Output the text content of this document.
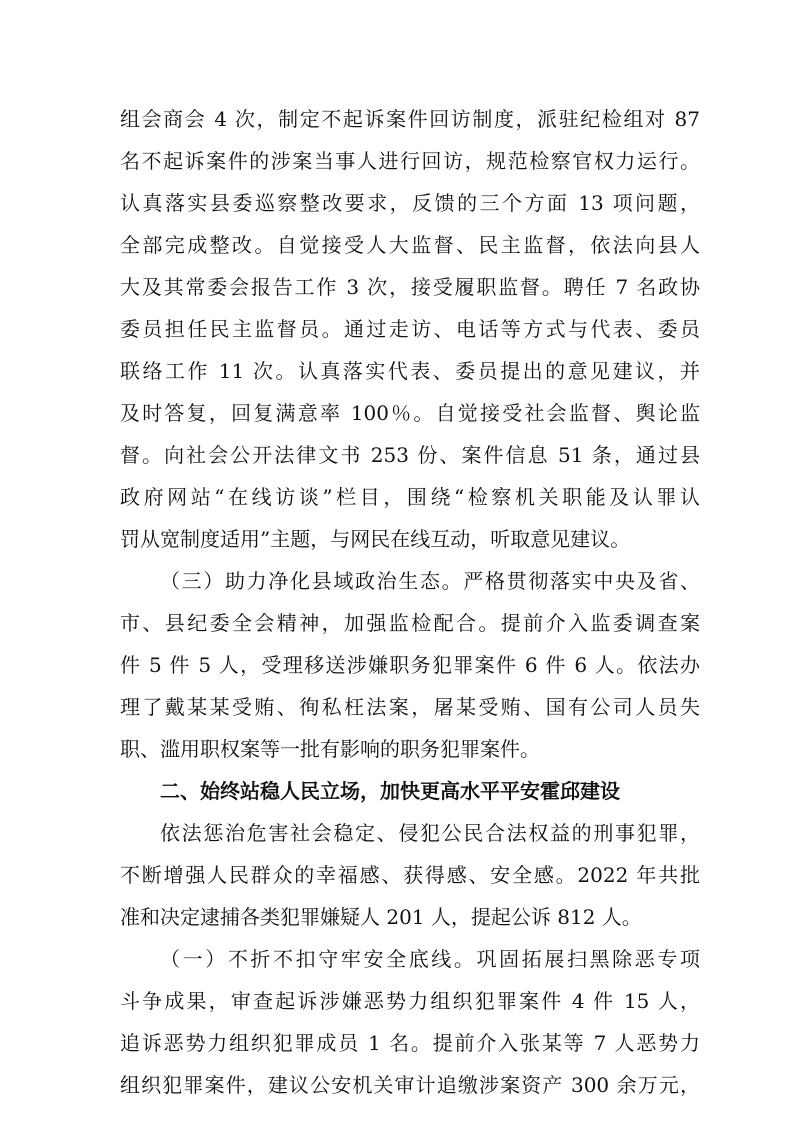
组会商会 4 次，制定不起诉案件回访制度，派驻纪检组对 87
名不起诉案件的涉案当事人进行回访，规范检察官权力运行。
认真落实县委巡察整改要求，反馈的三个方面 13 项问题，
全部完成整改。自觉接受人大监督、民主监督，依法向县人
大及其常委会报告工作 3 次，接受履职监督。聘任 7 名政协
委员担任民主监督员。通过走访、电话等方式与代表、委员
联络工作 11 次。认真落实代表、委员提出的意见建议，并
及时答复，回复满意率 100％。自觉接受社会监督、舆论监
督。向社会公开法律文书 253 份、案件信息 51 条，通过县
政府网站“在线访谈”栏目，围绕“检察机关职能及认罪认
罚从宽制度适用”主题，与网民在线互动，听取意见建议。
（三）助力净化县域政治生态。严格贯彻落实中央及省、
市、县纪委全会精神，加强监检配合。提前介入监委调查案
件 5 件 5 人，受理移送涉嫌职务犯罪案件 6 件 6 人。依法办
理了戴某某受贿、徇私枉法案，屠某受贿、国有公司人员失
职、滥用职权案等一批有影响的职务犯罪案件。
二、始终站稳人民立场，加快更高水平平安霍邱建设
依法惩治危害社会稳定、侵犯公民合法权益的刑事犯罪，
不断增强人民群众的幸福感、获得感、安全感。2022 年共批
准和决定逮捕各类犯罪嫌疑人 201 人，提起公诉 812 人。
（一）不折不扣守牢安全底线。巩固拓展扫黑除恶专项
斗争成果，审查起诉涉嫌恶势力组织犯罪案件 4 件 15 人，
追诉恶势力组织犯罪成员 1 名。提前介入张某等 7 人恶势力
组织犯罪案件，建议公安机关审计追缴涉案资产 300 余万元，
